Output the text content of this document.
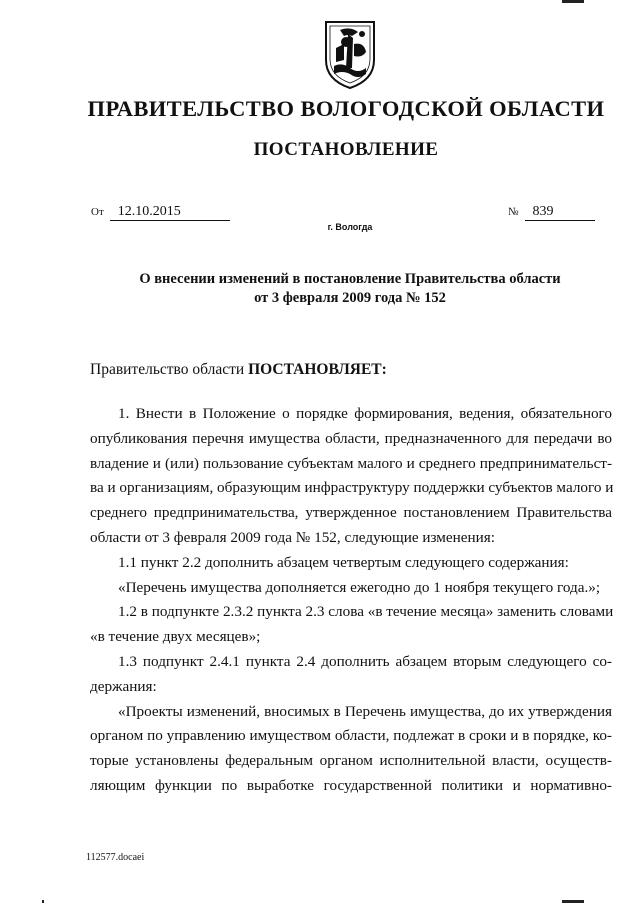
ПРАВИТЕЛЬСТВО ВОЛОГОДСКОЙ ОБЛАСТИ
ПОСТАНОВЛЕНИЕ
От 12.10.2015	№ 839
г. Вологда
О внесении изменений в постановление Правительства области
от 3 февраля 2009 года № 152
Правительство области ПОСТАНОВЛЯЕТ:
1. Внести в Положение о порядке формирования, ведения, обязательного
опубликования перечня имущества области, предназначенного для передачи во
владение и (или) пользование субъектам малого и среднего предпринимательст-
ва и организациям, образующим инфраструктуру поддержки субъектов малого и
среднего предпринимательства, утвержденное постановлением Правительства
области от 3 февраля 2009 года № 152, следующие изменения:
1.1 пункт 2.2 дополнить абзацем четвертым следующего содержания:
«Перечень имущества дополняется ежегодно до 1 ноября текущего года.»;
1.2 в подпункте 2.3.2 пункта 2.3 слова «в течение месяца» заменить словами
«в течение двух месяцев»;
1.3 подпункт 2.4.1 пункта 2.4 дополнить абзацем вторым следующего со-
держания:
«Проекты изменений, вносимых в Перечень имущества, до их утверждения
органом по управлению имуществом области, подлежат в сроки и в порядке, ко-
торые установлены федеральным органом исполнительной власти, осуществ-
ляющим функции по выработке государственной политики и нормативно-
112577.docaei
